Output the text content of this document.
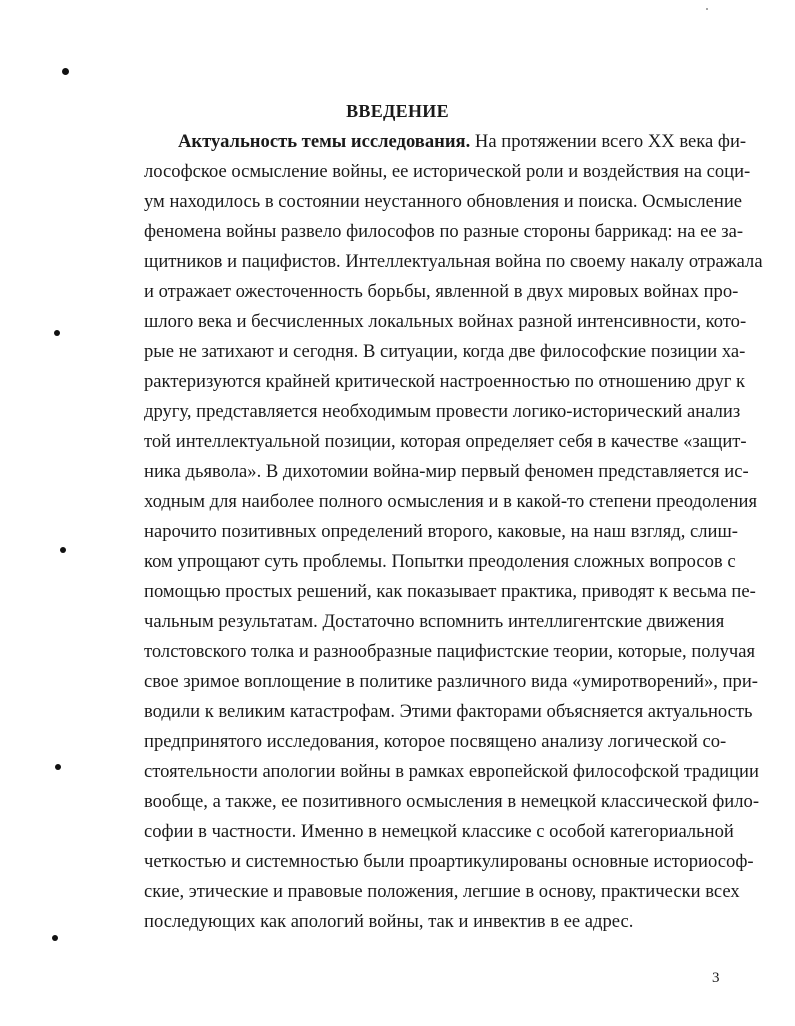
ВВЕДЕНИЕ
Актуальность темы исследования. На протяжении всего XX века фи-
лософское осмысление войны, ее исторической роли и воздействия на соци-
ум находилось в состоянии неустанного обновления и поиска. Осмысление
феномена войны развело философов по разные стороны баррикад: на ее за-
щитников и пацифистов. Интеллектуальная война по своему накалу отражала
и отражает ожесточенность борьбы, явленной в двух мировых войнах про-
шлого века и бесчисленных локальных войнах разной интенсивности, кото-
рые не затихают и сегодня. В ситуации, когда две философские позиции ха-
рактеризуются крайней критической настроенностью по отношению друг к
другу, представляется необходимым провести логико-исторический анализ
той интеллектуальной позиции, которая определяет себя в качестве «защит-
ника дьявола». В дихотомии война-мир первый феномен представляется ис-
ходным для наиболее полного осмысления и в какой-то степени преодоления
нарочито позитивных определений второго, каковые, на наш взгляд, слиш-
ком упрощают суть проблемы. Попытки преодоления сложных вопросов с
помощью простых решений, как показывает практика, приводят к весьма пе-
чальным результатам. Достаточно вспомнить интеллигентские движения
толстовского толка и разнообразные пацифистские теории, которые, получая
свое зримое воплощение в политике различного вида «умиротворений», при-
водили к великим катастрофам. Этими факторами объясняется актуальность
предпринятого исследования, которое посвящено анализу логической со-
стоятельности апологии войны в рамках европейской философской традиции
вообще, а также, ее позитивного осмысления в немецкой классической фило-
софии в частности. Именно в немецкой классике с особой категориальной
четкостью и системностью были проартикулированы основные историософ-
ские, этические и правовые положения, легшие в основу, практически всех
последующих как апологий войны, так и инвектив в ее адрес.
3
